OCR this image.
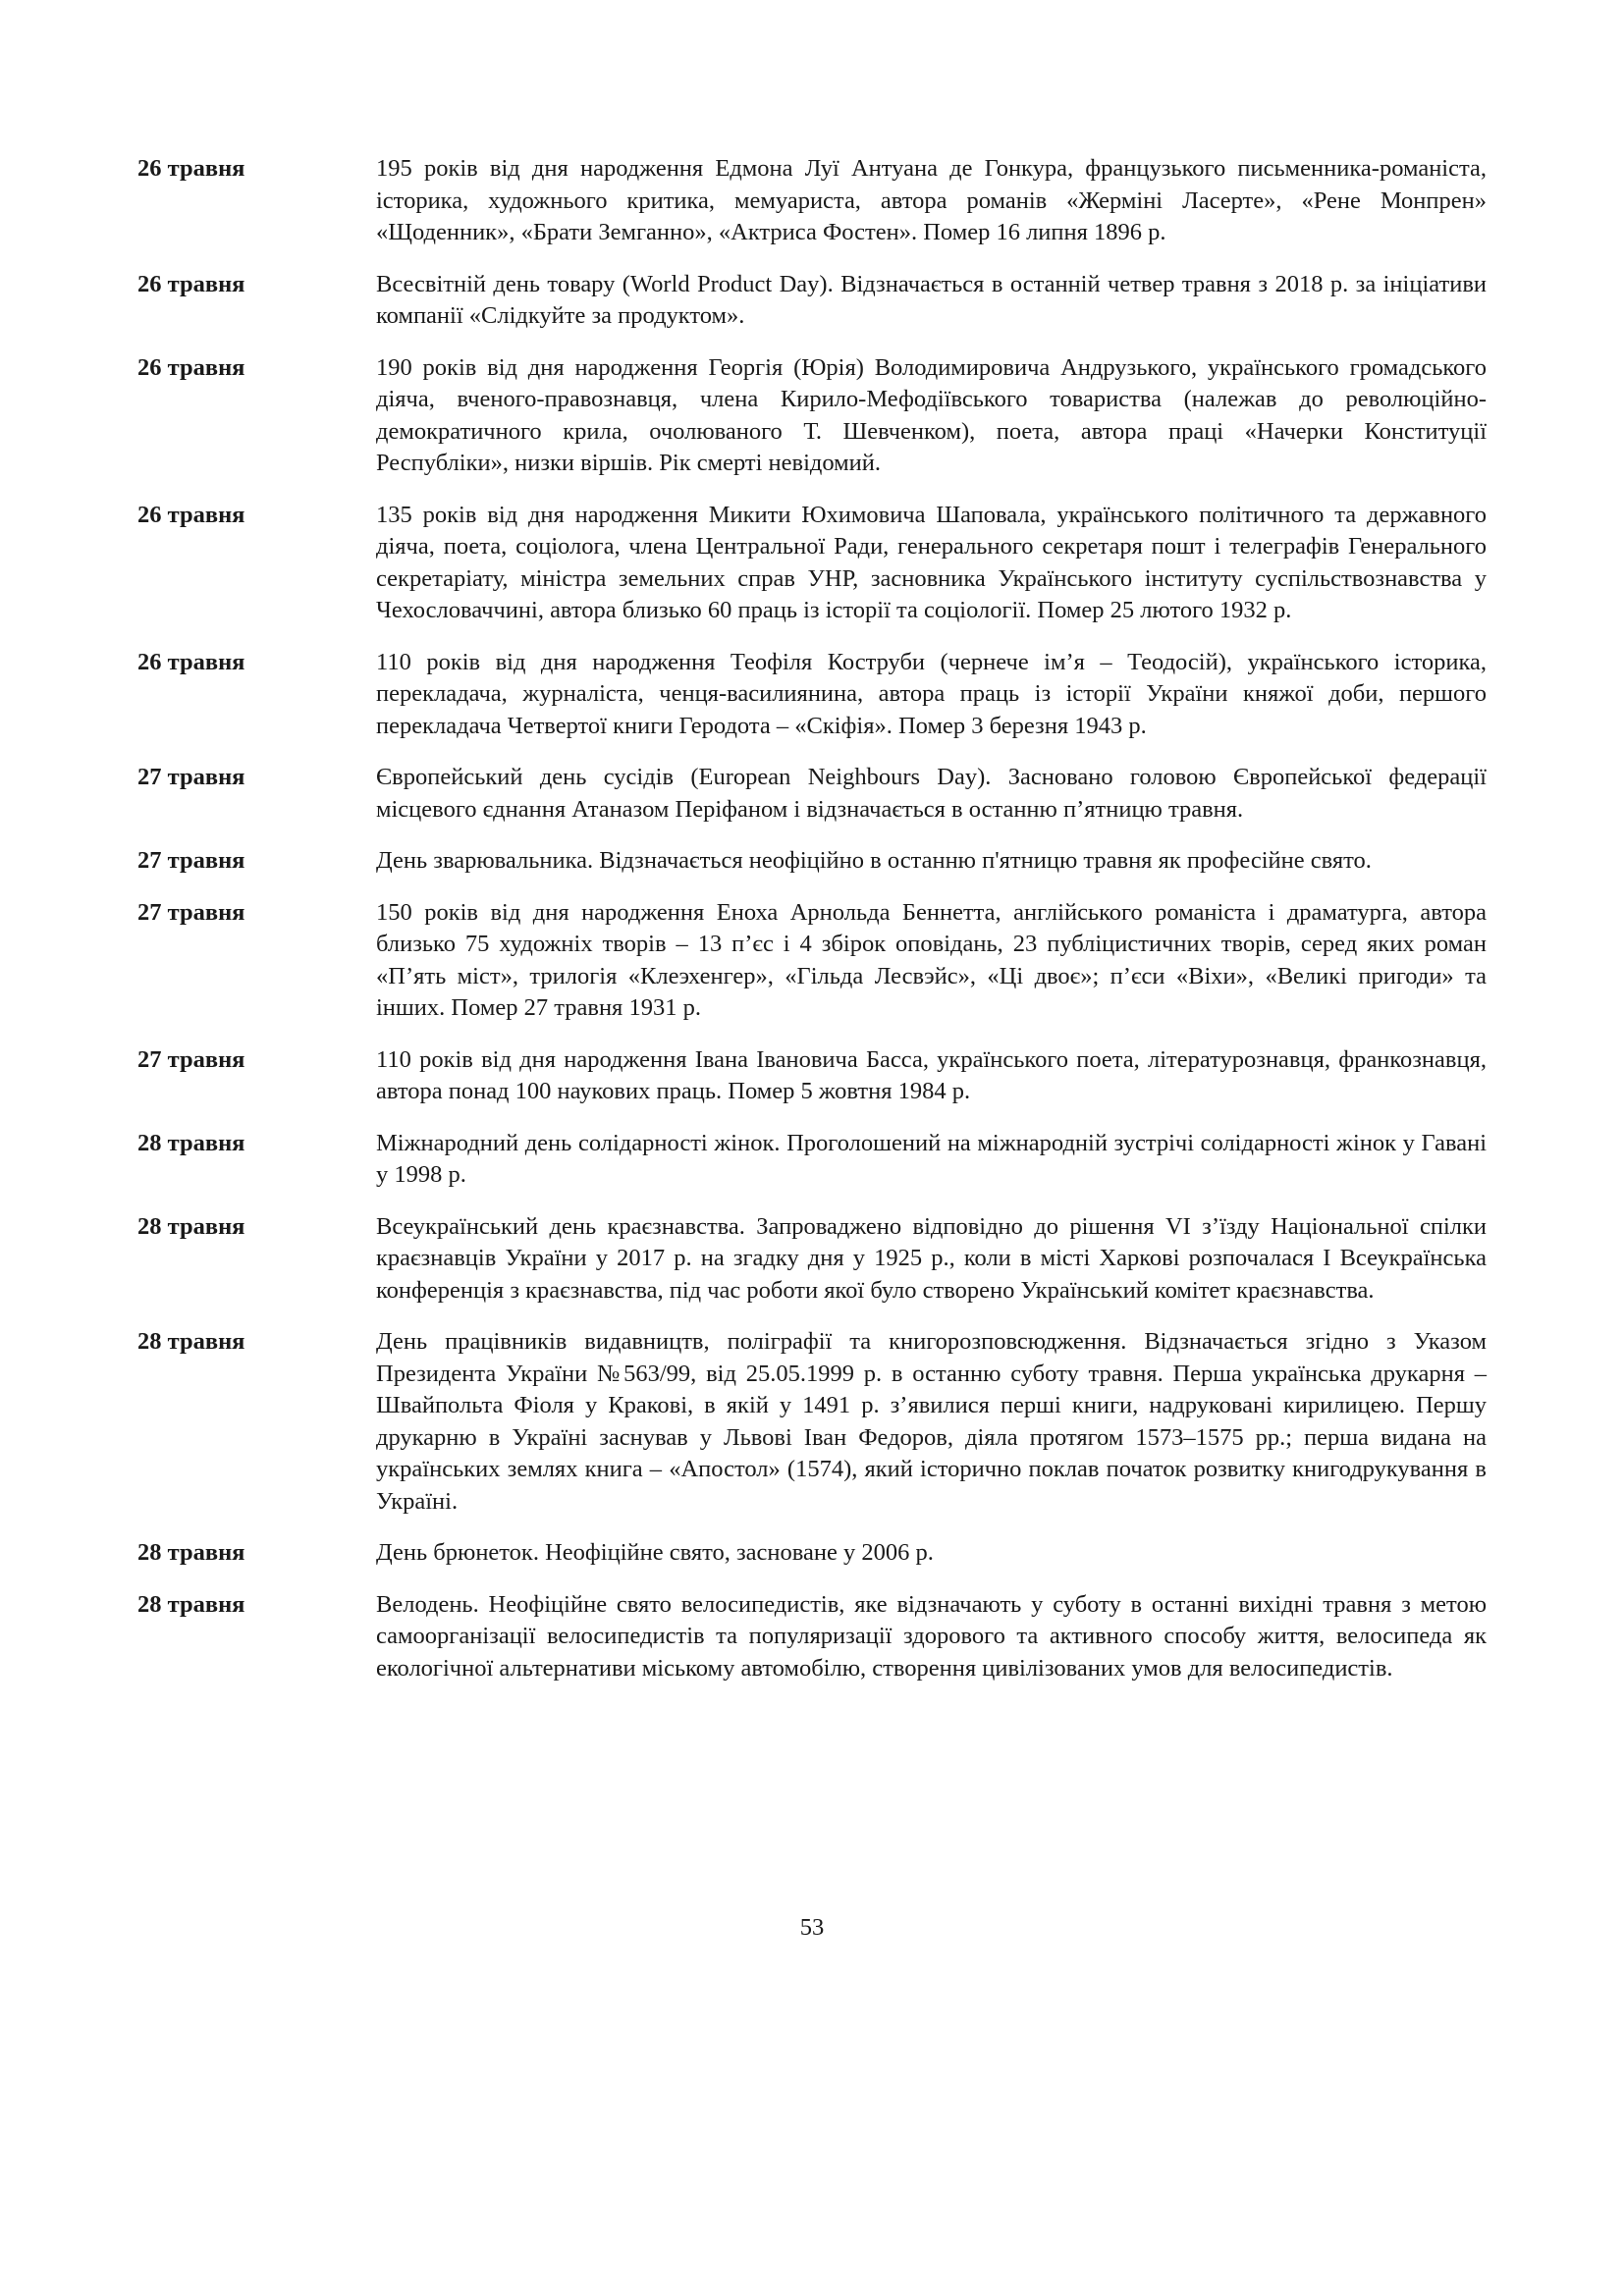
26 травня	195 років від дня народження Едмона Луї Антуана де Гонкура, французького письменника-романіста, історика, художнього критика, мемуариста, автора романів «Жерміні Ласерте», «Рене Монпрен» «Щоденник», «Брати Земганно», «Актриса Фостен». Помер 16 липня 1896 р.
26 травня	Всесвітній день товару (World Product Day). Відзначається в останній четвер травня з 2018 р. за ініціативи компанії «Слідкуйте за продуктом».
26 травня	190 років від дня народження Георгія (Юрія) Володимировича Андрузького, українського громадського діяча, вченого-правознавця, члена Кирило-Мефодіївського товариства (належав до революційно-демократичного крила, очолюваного Т. Шевченком), поета, автора праці «Начерки Конституції Республіки», низки віршів. Рік смерті невідомий.
26 травня	135 років від дня народження Микити Юхимовича Шаповала, українського політичного та державного діяча, поета, соціолога, члена Центральної Ради, генерального секретаря пошт і телеграфів Генерального секретаріату, міністра земельних справ УНР, засновника Українського інституту суспільствознавства у Чехословаччині, автора близько 60 праць із історії та соціології. Помер 25 лютого 1932 р.
26 травня	110 років від дня народження Теофіля Коструби (чернече ім’я – Теодосій), українського історика, перекладача, журналіста, ченця-василиянина, автора праць із історії України княжої доби, першого перекладача Четвертої книги Геродота – «Скіфія». Помер 3 березня 1943 р.
27 травня	Європейський день сусідів (European Neighbours Day). Засновано головою Європейської федерації місцевого єднання Атаназом Періфаном і відзначається в останню п’ятницю травня.
27 травня	День зварювальника. Відзначається неофіційно в останню п'ятницю травня як професійне свято.
27 травня	150 років від дня народження Еноха Арнольда Беннетта, англійського романіста і драматурга, автора близько 75 художніх творів – 13 п’єс і 4 збірок оповідань, 23 публіцистичних творів, серед яких роман «П’ять міст», трилогія «Клеэхенгер», «Гільда Лесвэйс», «Ці двоє»; п’єси «Віхи», «Великі пригоди» та інших. Помер 27 травня 1931 р.
27 травня	110 років від дня народження Івана Івановича Басса, українського поета, літературознавця, франкознавця, автора понад 100 наукових праць. Помер 5 жовтня 1984 р.
28 травня	Міжнародний день солідарності жінок. Проголошений на міжнародній зустрічі солідарності жінок у Гавані у 1998 р.
28 травня	Всеукраїнський день краєзнавства. Запроваджено відповідно до рішення VI з’їзду Національної спілки краєзнавців України у 2017 р. на згадку дня у 1925 р., коли в місті Харкові розпочалася І Всеукраїнська конференція з краєзнавства, під час роботи якої було створено Український комітет краєзнавства.
28 травня	День працівників видавництв, поліграфії та книгорозповсюдження. Відзначається згідно з Указом Президента України №563/99, від 25.05.1999 р. в останню суботу травня. Перша українська друкарня – Швайпольта Фіоля у Кракові, в якій у 1491 р. з’явилися перші книги, надруковані кирилицею. Першу друкарню в Україні заснував у Львові Іван Федоров, діяла протягом 1573–1575 рр.; перша видана на українських землях книга – «Апостол» (1574), який історично поклав початок розвитку книгодрукування в Україні.
28 травня	День брюнеток. Неофіційне свято, засноване у 2006 р.
28 травня	Велодень. Неофіційне свято велосипедистів, яке відзначають у суботу в останні вихідні травня з метою самоорганізації велосипедистів та популяризації здорового та активного способу життя, велосипеда як екологічної альтернативи міському автомобілю, створення цивілізованих умов для велосипедистів.
53
